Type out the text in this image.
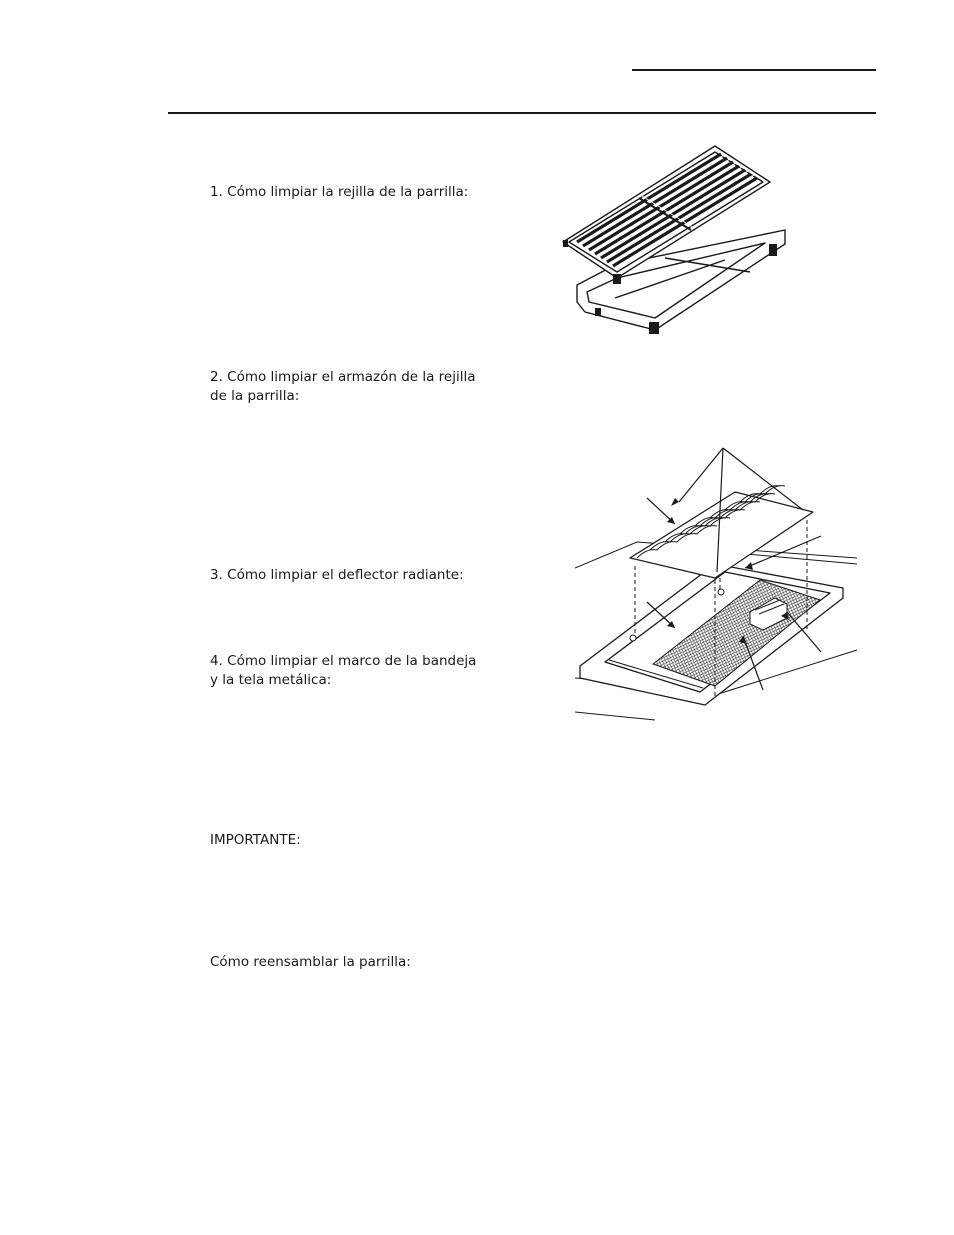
1. Cómo limpiar la rejilla de la parrilla:

2. Cómo limpiar el armazón de la rejilla
de la parrilla:

3. Cómo limpiar el deflector radiante:

4. Cómo limpiar el marco de la bandeja
y la tela metálica:

IMPORTANTE:

Cómo reensamblar la parrilla:
